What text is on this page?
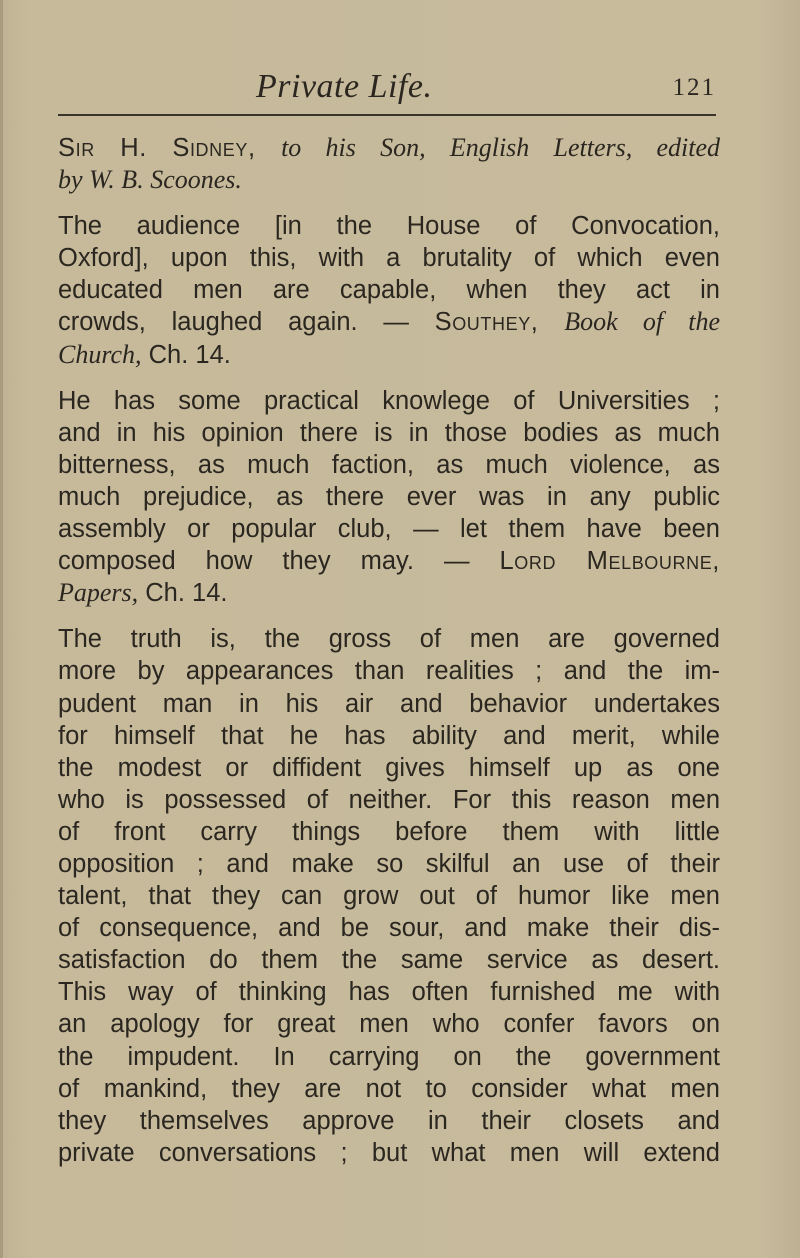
Private Life.	121

Sir H. Sidney, to his Son, English Letters, edited
by W. B. Scoones.

The audience [in the House of Convocation,
Oxford], upon this, with a brutality of which even
educated men are capable, when they act in
crowds, laughed again. — Southey, Book of the
Church, Ch. 14.

He has some practical knowlege of Universities ;
and in his opinion there is in those bodies as much
bitterness, as much faction, as much violence, as
much prejudice, as there ever was in any public
assembly or popular club, — let them have been
composed how they may. — Lord Melbourne,
Papers, Ch. 14.

The truth is, the gross of men are governed
more by appearances than realities ; and the im-
pudent man in his air and behavior undertakes
for himself that he has ability and merit, while
the modest or diffident gives himself up as one
who is possessed of neither. For this reason men
of front carry things before them with little
opposition ; and make so skilful an use of their
talent, that they can grow out of humor like men
of consequence, and be sour, and make their dis-
satisfaction do them the same service as desert.
This way of thinking has often furnished me with
an apology for great men who confer favors on
the impudent. In carrying on the government
of mankind, they are not to consider what men
they themselves approve in their closets and
private conversations ; but what men will extend
